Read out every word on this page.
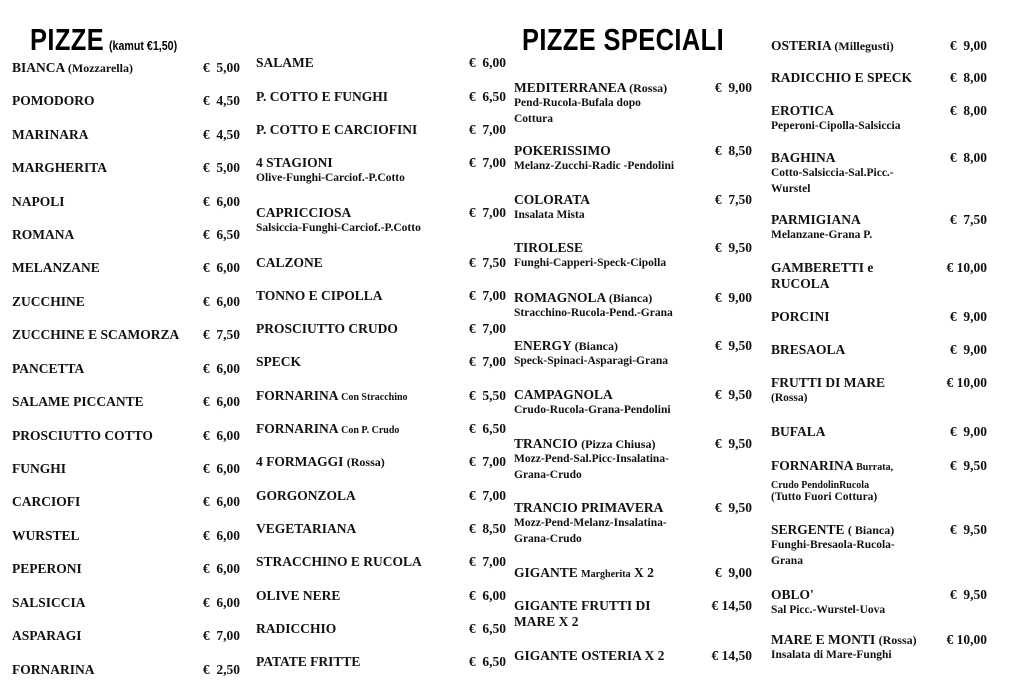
PIZZE (kamut €1,50)	PIZZE SPECIALI
BIANCA (Mozzarella)	€  5,00
POMODORO	€  4,50
MARINARA	€  4,50
MARGHERITA	€  5,00
NAPOLI	€  6,00
ROMANA	€  6,50
MELANZANE	€  6,00
ZUCCHINE	€  6,00
ZUCCHINE E SCAMORZA €  7,50
PANCETTA	€  6,00
SALAME PICCANTE	€  6,00
PROSCIUTTO COTTO	€  6,00
FUNGHI	€  6,00
CARCIOFI	€  6,00
WURSTEL	€  6,00
PEPERONI	€  6,00
SALSICCIA	€  6,00
ASPARAGI	€  7,00
FORNARINA	€  2,50
SALAME	€  6,00
P. COTTO E FUNGHI	€  6,50
P. COTTO E CARCIOFINI	€  7,00
4 STAGIONI
Olive-Funghi-Carciof.-P.Cotto
€  7,00
CAPRICCIOSA
Salsiccia-Funghi-Carciof.-P.Cotto
€  7,00
CALZONE	€  7,50
TONNO E CIPOLLA	€  7,00
PROSCIUTTO CRUDO	€  7,00
SPECK	€  7,00
FORNARINA Con Stracchino	€  5,50
FORNARINA Con P. Crudo	€  6,50
4 FORMAGGI (Rossa)	€  7,00
GORGONZOLA	€  7,00
VEGETARIANA	€  8,50
STRACCHINO E RUCOLA	€  7,00
OLIVE NERE	€  6,00
RADICCHIO	€  6,50
PATATE FRITTE	€  6,50
MEDITERRANEA (Rossa)
Pend-Rucola-Bufala dopo
Cottura
€  9,00
POKERISSIMO
Melanz-Zucchi-Radic -Pendolini
€  8,50
COLORATA
Insalata Mista
€  7,50
TIROLESE
Funghi-Capperi-Speck-Cipolla
€  9,50
ROMAGNOLA (Bianca)
Stracchino-Rucola-Pend.-Grana
€  9,00
ENERGY (Bianca)
Speck-Spinaci-Asparagi-Grana
€  9,50
CAMPAGNOLA
Crudo-Rucola-Grana-Pendolini
€  9,50
TRANCIO (Pizza Chiusa)
Mozz-Pend-Sal.Picc-Insalatina-
Grana-Crudo
€  9,50
TRANCIO PRIMAVERA
Mozz-Pend-Melanz-Insalatina-
Grana-Crudo
€  9,50
GIGANTE Margherita X 2	€  9,00
GIGANTE FRUTTI DI
MARE X 2
€ 14,50
GIGANTE OSTERIA X 2	€ 14,50
OSTERIA (Millegusti)	€  9,00
RADICCHIO E SPECK	€  8,00
EROTICA
Peperoni-Cipolla-Salsiccia
€  8,00
BAGHINA
Cotto-Salsiccia-Sal.Picc.-
Wurstel
€  8,00
PARMIGIANA
Melanzane-Grana P.
€  7,50
GAMBERETTI e
RUCOLA
€ 10,00
PORCINI	€  9,00
BRESAOLA	€  9,00
FRUTTI DI MARE
(Rossa)
€ 10,00
BUFALA	€  9,00
FORNARINA Burrata,
Crudo PendolinRucola
(Tutto Fuori Cottura)
€  9,50
SERGENTE ( Bianca)
Funghi-Bresaola-Rucola-
Grana
€  9,50
OBLO'
Sal Picc.-Wurstel-Uova
€  9,50
MARE E MONTI (Rossa)
Insalata di Mare-Funghi
€ 10,00
